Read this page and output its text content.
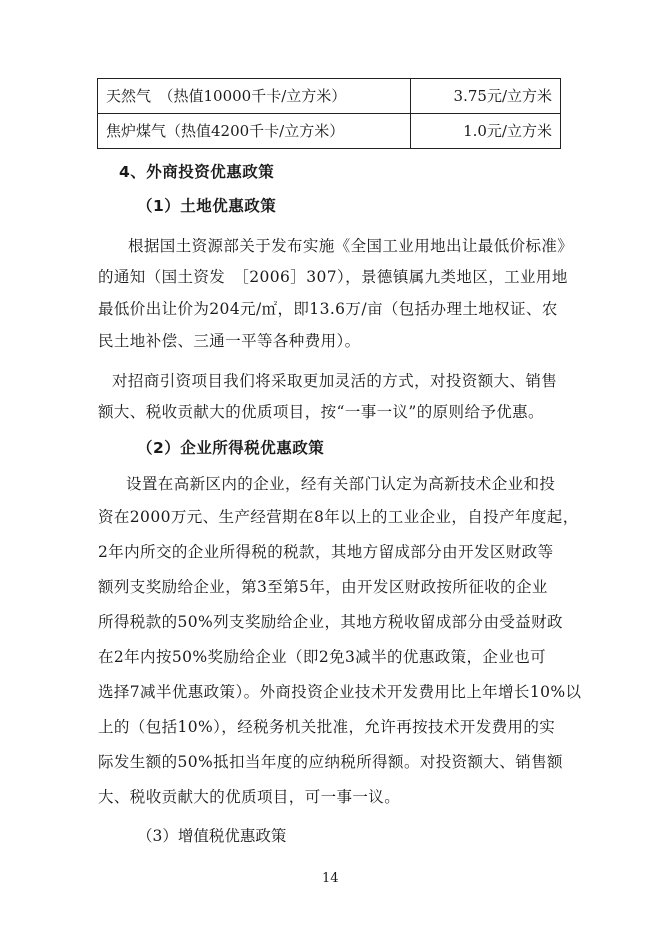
天然气　（热值10000千卡/立方米）	3.75元/立方米
焦炉煤气（热值4200千卡/立方米）	1.0元/立方米
4、外商投资优惠政策
（1）土地优惠政策
根据国土资源部关于发布实施《全国工业用地出让最低价标准》
的通知（国土资发　［2006］307），景德镇属九类地区，工业用地
最低价出让价为204元/㎡，即13.6万/亩（包括办理土地权证、农
民土地补偿、三通一平等各种费用）。
对招商引资项目我们将采取更加灵活的方式，对投资额大、销售
额大、税收贡献大的优质项目，按“一事一议”的原则给予优惠。
（2）企业所得税优惠政策
设置在高新区内的企业，经有关部门认定为高新技术企业和投
资在2000万元、生产经营期在8年以上的工业企业，自投产年度起，
2年内所交的企业所得税的税款，其地方留成部分由开发区财政等
额列支奖励给企业，第3至第5年，由开发区财政按所征收的企业
所得税款的50%列支奖励给企业，其地方税收留成部分由受益财政
在2年内按50%奖励给企业（即2免3减半的优惠政策，企业也可
选择7减半优惠政策）。外商投资企业技术开发费用比上年增长10%以
上的（包括10%），经税务机关批准，允许再按技术开发费用的实
际发生额的50%抵扣当年度的应纳税所得额。对投资额大、销售额
大、税收贡献大的优质项目，可一事一议。
（3）增值税优惠政策
14
